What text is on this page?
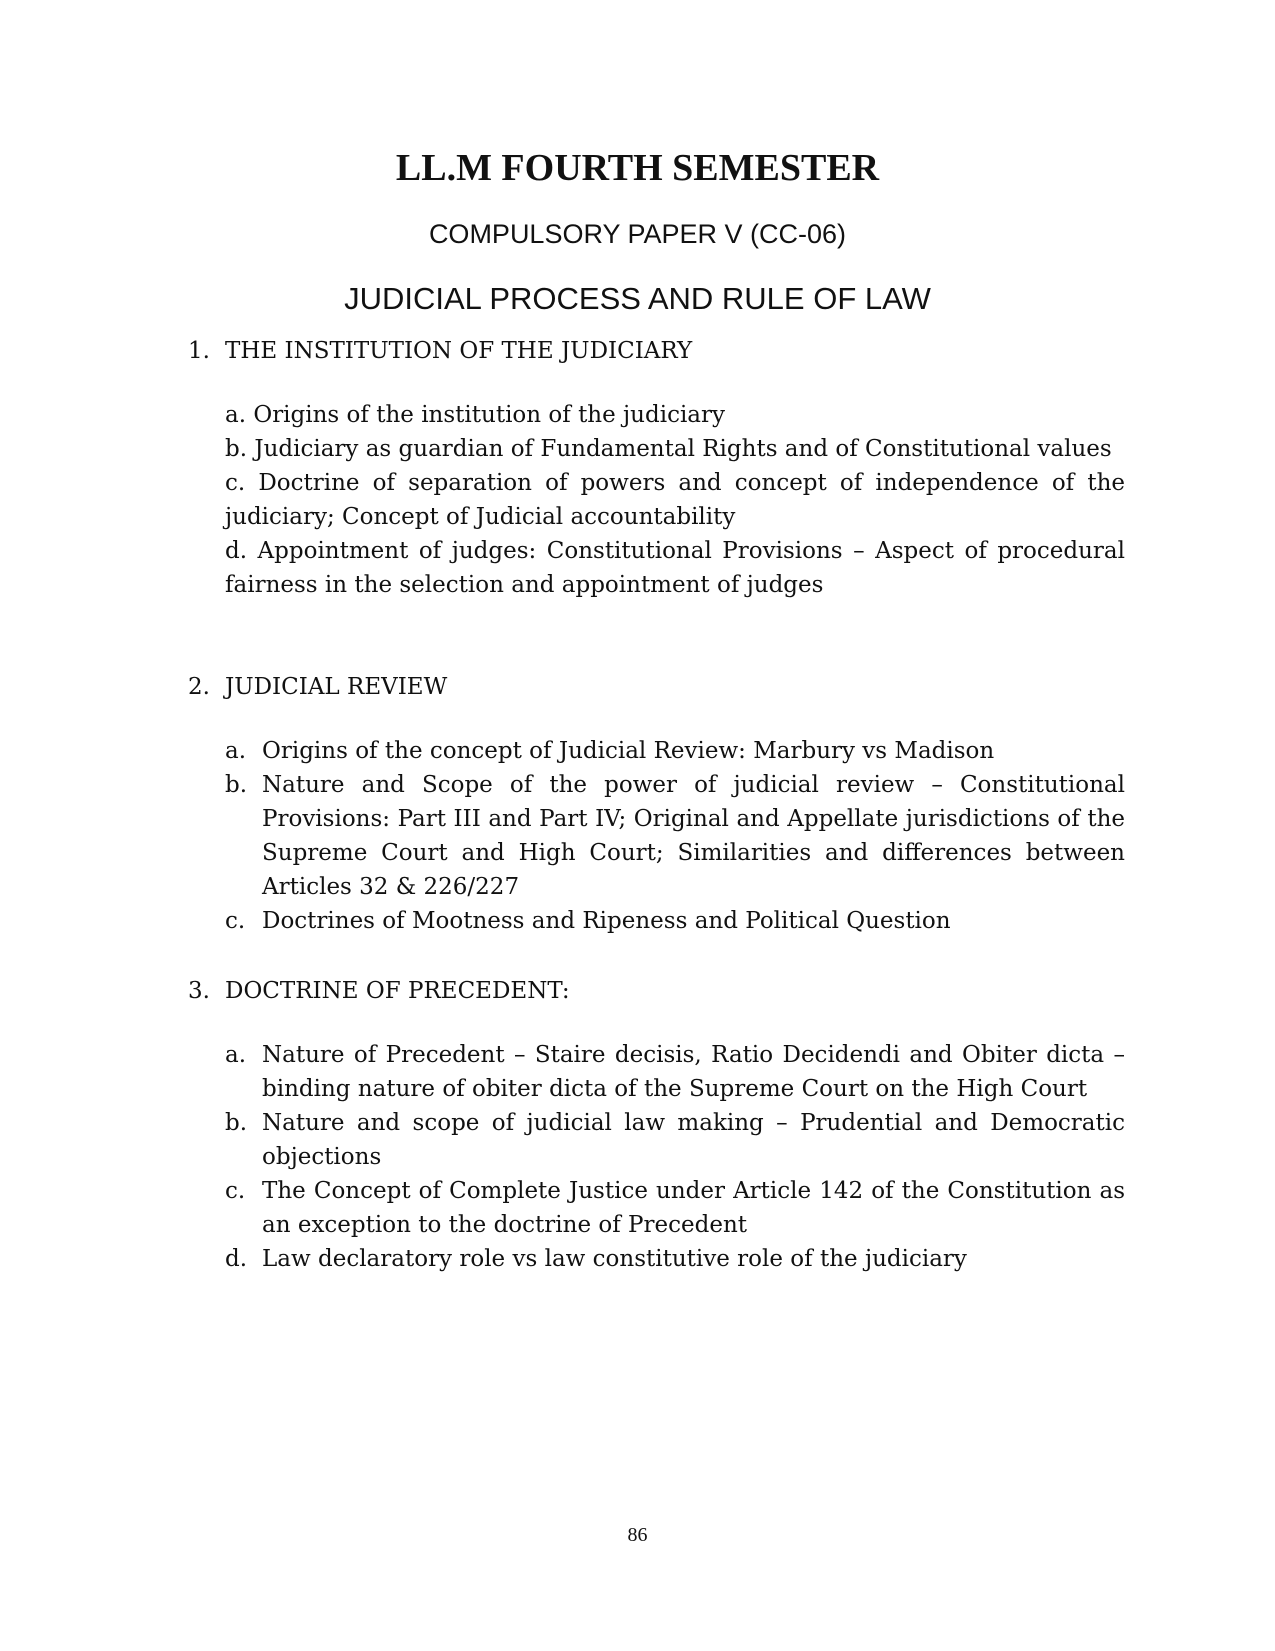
LL.M FOURTH SEMESTER
COMPULSORY PAPER V (CC-06)
JUDICIAL PROCESS AND RULE OF LAW
1. THE INSTITUTION OF THE JUDICIARY

a. Origins of the institution of the judiciary

b. Judiciary as guardian of Fundamental Rights and of Constitutional values

c. Doctrine of separation of powers and concept of independence of the judiciary; Concept of Judicial accountability

d. Appointment of judges: Constitutional Provisions – Aspect of procedural fairness in the selection and appointment of judges

2. JUDICIAL REVIEW
a. Origins of the concept of Judicial Review: Marbury vs Madison
b. Nature and Scope of the power of judicial review – Constitutional Provisions: Part III and Part IV; Original and Appellate jurisdictions of the Supreme Court and High Court; Similarities and differences between Articles 32 & 226/227
c. Doctrines of Mootness and Ripeness and Political Question
3. DOCTRINE OF PRECEDENT:
a. Nature of Precedent – Staire decisis, Ratio Decidendi and Obiter dicta – binding nature of obiter dicta of the Supreme Court on the High Court
b. Nature and scope of judicial law making – Prudential and Democratic objections
c. The Concept of Complete Justice under Article 142 of the Constitution as an exception to the doctrine of Precedent
d. Law declaratory role vs law constitutive role of the judiciary
86
